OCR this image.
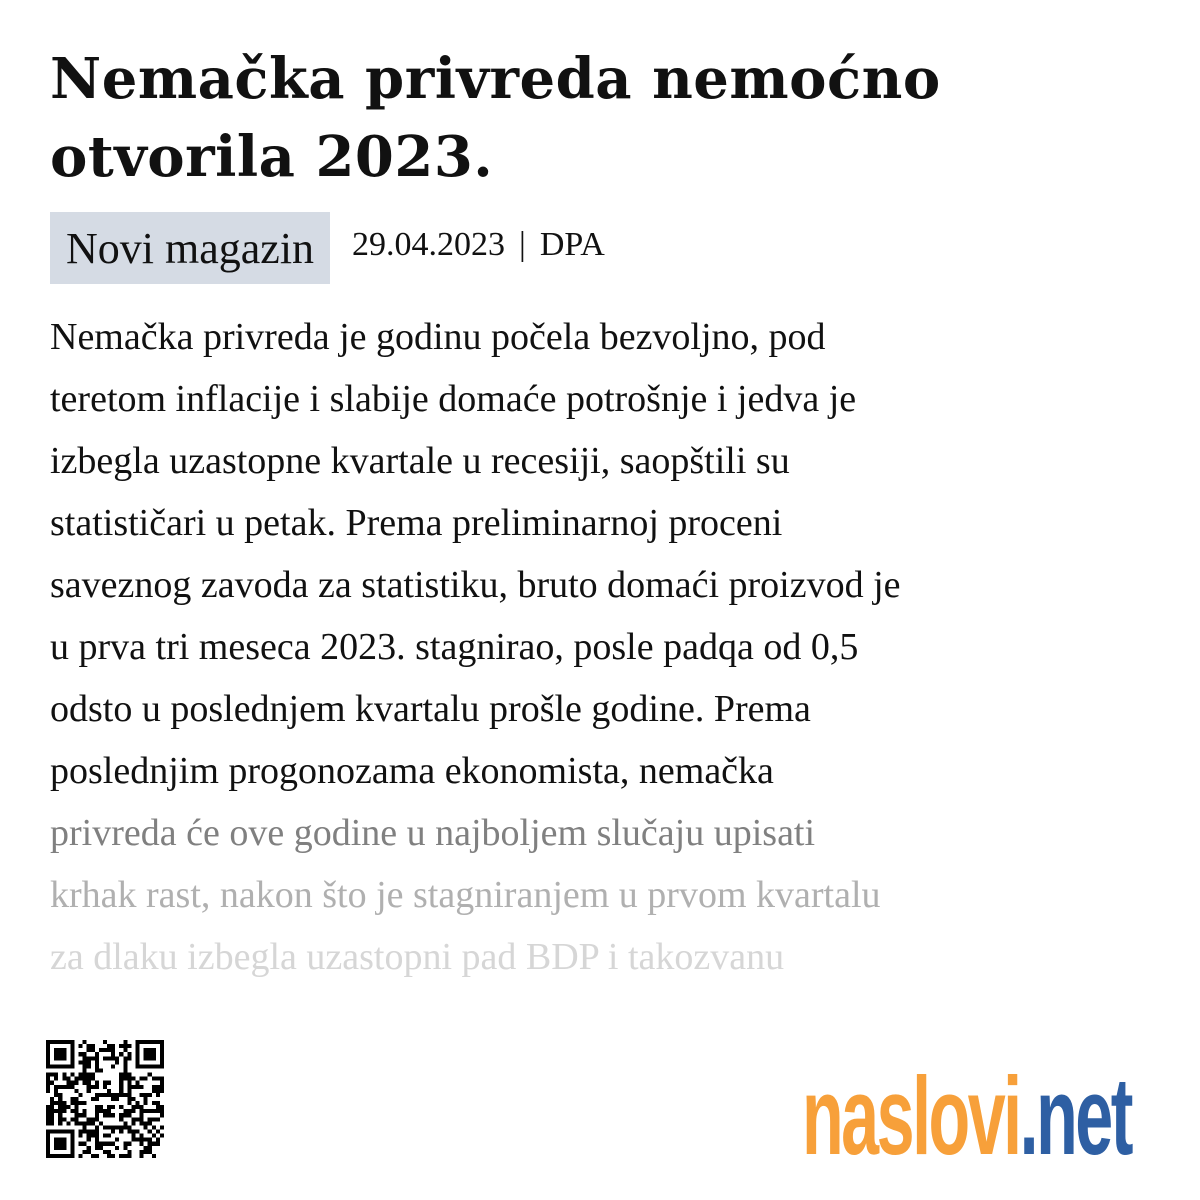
Nemačka privreda nemoćno
otvorila 2023.
Novi magazin 29.04.2023 | DPA
Nemačka privreda je godinu počela bezvoljno, pod
teretom inflacije i slabije domaće potrošnje i jedva je
izbegla uzastopne kvartale u recesiji, saopštili su
statističari u petak. Prema preliminarnoj proceni
saveznog zavoda za statistiku, bruto domaći proizvod je
u prva tri meseca 2023. stagnirao, posle padqa od 0,5
odsto u poslednjem kvartalu prošle godine. Prema
poslednjim progonozama ekonomista, nemačka
privreda će ove godine u najboljem slučaju upisati
krhak rast, nakon što je stagniranjem u prvom kvartalu
za dlaku izbegla uzastopni pad BDP i takozvanu
naslovi .net
